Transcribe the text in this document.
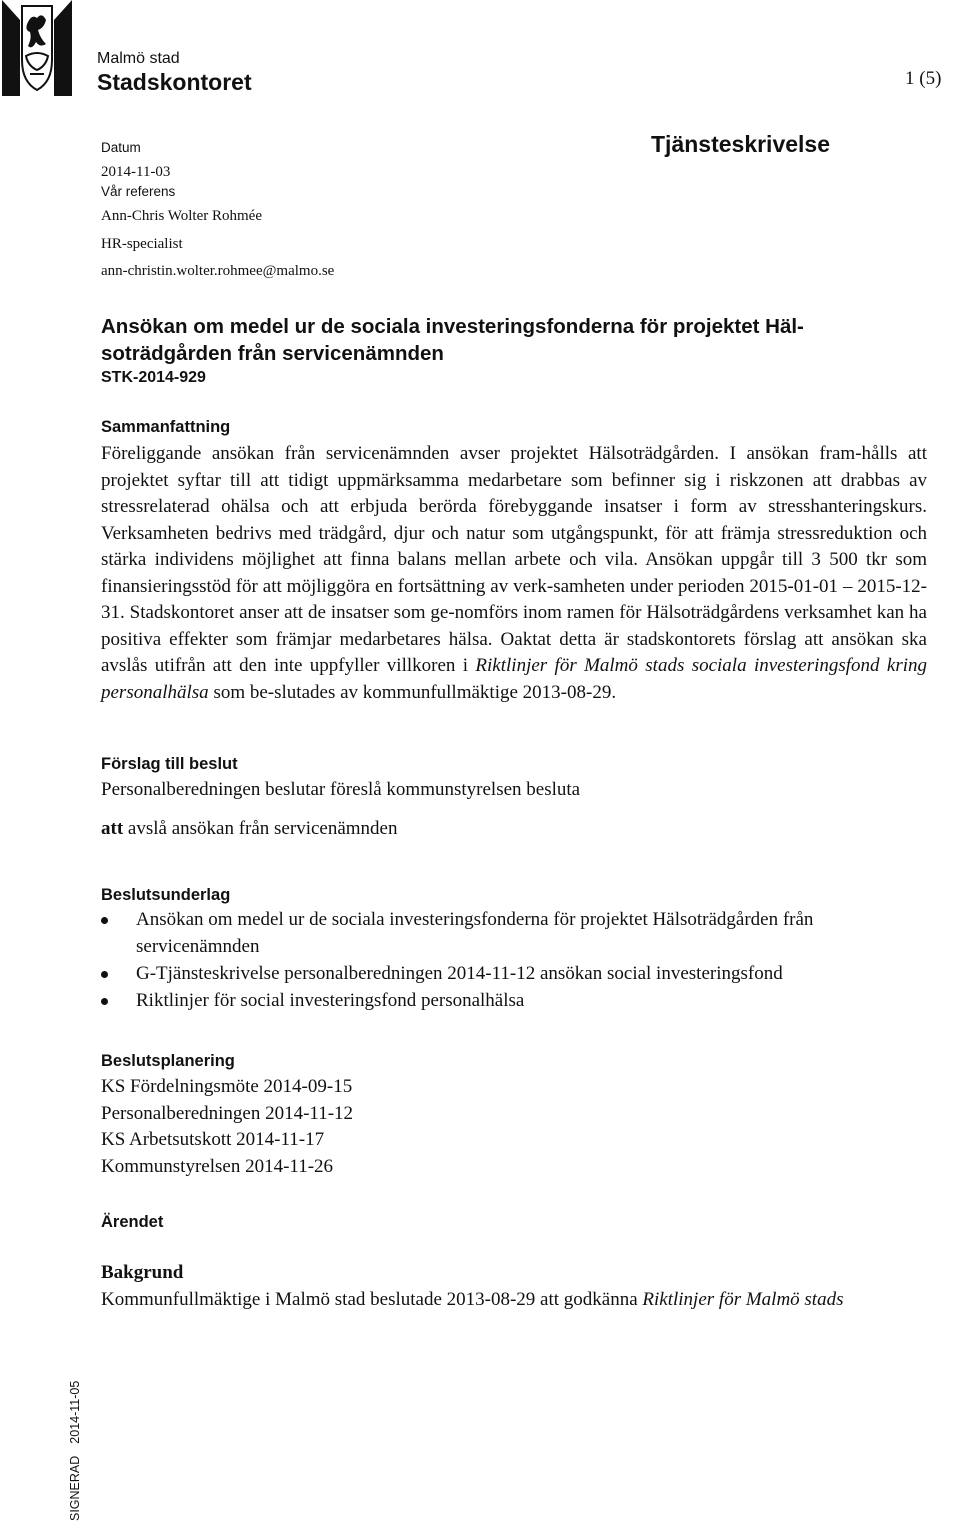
Malmö stad
Stadskontoret	1 (5)
Tjänsteskrivelse
Datum
2014-11-03
Vår referens
Ann-Chris Wolter Rohmée
HR-specialist
ann-christin.wolter.rohmee@malmo.se
Ansökan om medel ur de sociala investeringsfonderna för projektet Häl-
soträdgården från servicenämnden
STK-2014-929
Sammanfattning
Föreliggande ansökan från servicenämnden avser projektet Hälsoträdgården. I ansökan fram-hålls att projektet syftar till att tidigt uppmärksamma medarbetare som befinner sig i riskzonen att drabbas av stressrelaterad ohälsa och att erbjuda berörda förebyggande insatser i form av stresshanteringskurs. Verksamheten bedrivs med trädgård, djur och natur som utgångspunkt, för att främja stressreduktion och stärka individens möjlighet att finna balans mellan arbete och vila. Ansökan uppgår till 3 500 tkr som finansieringsstöd för att möjliggöra en fortsättning av verk-samheten under perioden 2015-01-01 – 2015-12-31. Stadskontoret anser att de insatser som ge-nomförs inom ramen för Hälsoträdgårdens verksamhet kan ha positiva effekter som främjar medarbetares hälsa. Oaktat detta är stadskontorets förslag att ansökan ska avslås utifrån att den inte uppfyller villkoren i Riktlinjer för Malmö stads sociala investeringsfond kring personalhälsa som be-slutades av kommunfullmäktige 2013-08-29.
Förslag till beslut
Personalberedningen beslutar föreslå kommunstyrelsen besluta
att avslå ansökan från servicenämnden
Beslutsunderlag
Ansökan om medel ur de sociala investeringsfonderna för projektet Hälsoträdgården från servicenämnden
G-Tjänsteskrivelse personalberedningen 2014-11-12 ansökan social investeringsfond
Riktlinjer för social investeringsfond personalhälsa
Beslutsplanering
KS Fördelningsmöte 2014-09-15
Personalberedningen 2014-11-12
KS Arbetsutskott 2014-11-17
Kommunstyrelsen 2014-11-26
Ärendet
Bakgrund
Kommunfullmäktige i Malmö stad beslutade 2013-08-29 att godkänna Riktlinjer för Malmö stads
SIGNERAD2014-11-05
